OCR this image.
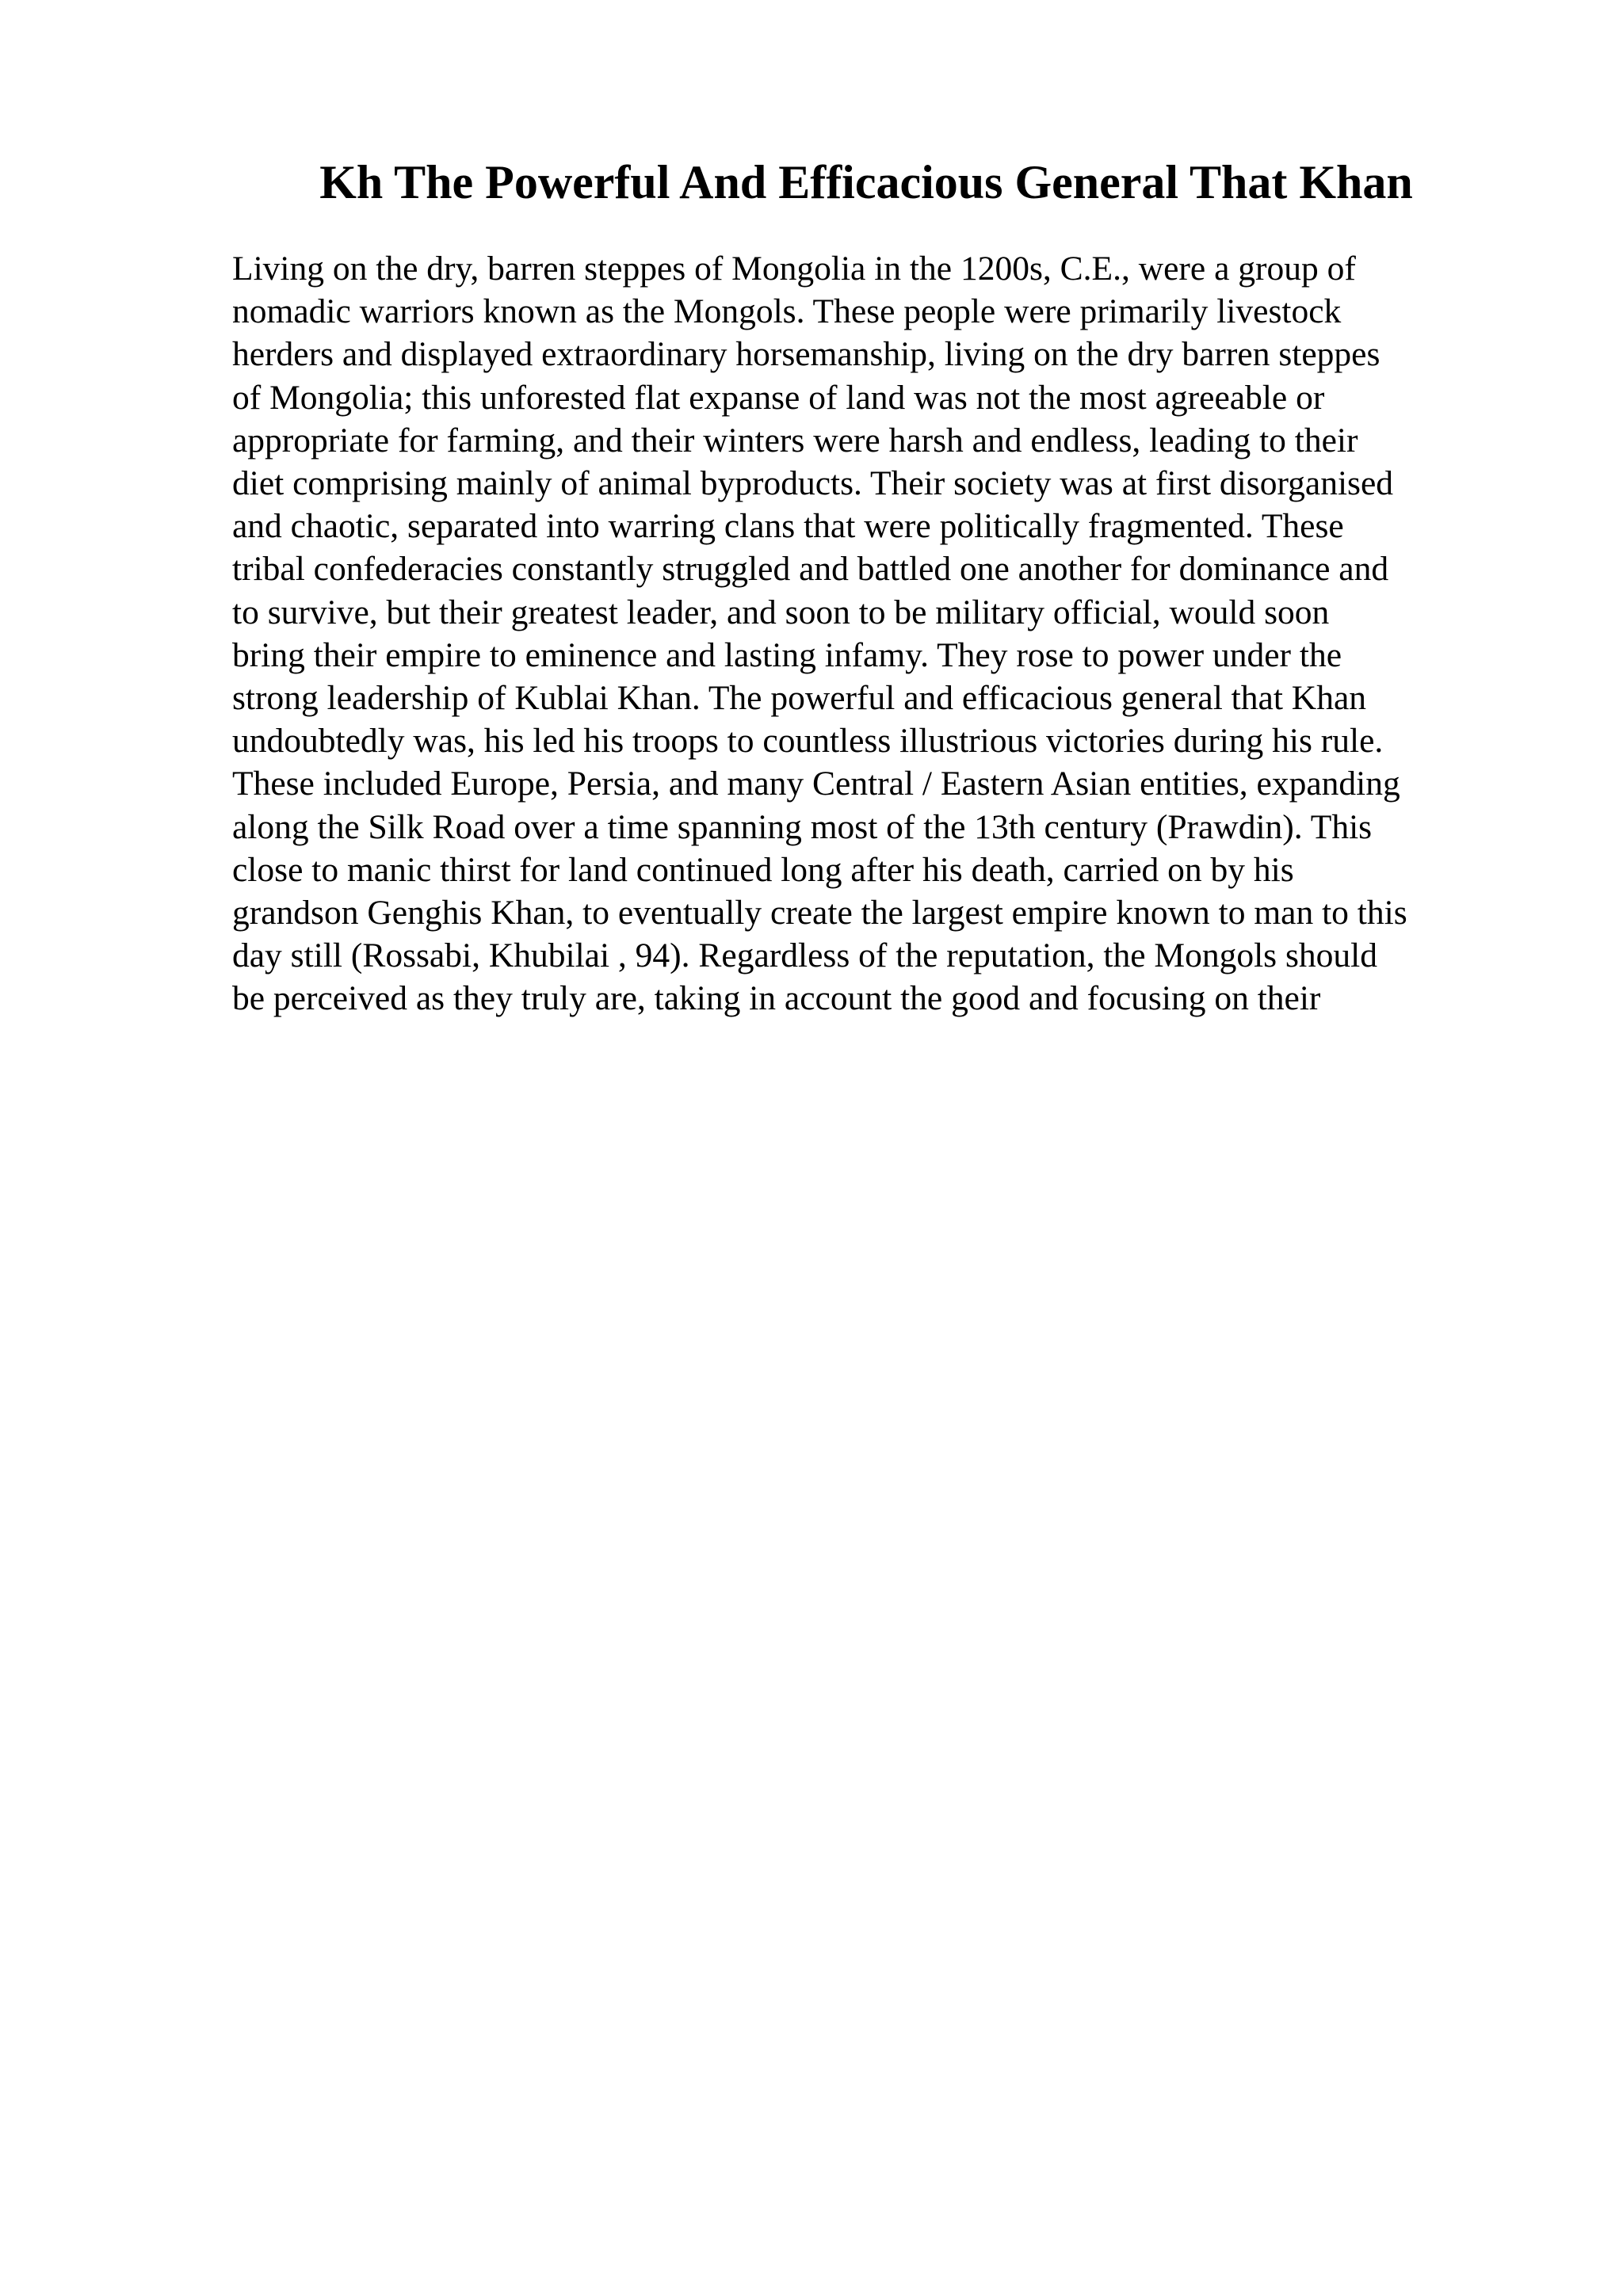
Kh The Powerful And Efficacious General That Khan
Living on the dry, barren steppes of Mongolia in the 1200s, C.E., were a group of
nomadic warriors known as the Mongols. These people were primarily livestock
herders and displayed extraordinary horsemanship, living on the dry barren steppes
of Mongolia; this unforested flat expanse of land was not the most agreeable or
appropriate for farming, and their winters were harsh and endless, leading to their
diet comprising mainly of animal byproducts. Their society was at first disorganised
and chaotic, separated into warring clans that were politically fragmented. These
tribal confederacies constantly struggled and battled one another for dominance and
to survive, but their greatest leader, and soon to be military official, would soon
bring their empire to eminence and lasting infamy. They rose to power under the
strong leadership of Kublai Khan. The powerful and efficacious general that Khan
undoubtedly was, his led his troops to countless illustrious victories during his rule.
These included Europe, Persia, and many Central / Eastern Asian entities, expanding
along the Silk Road over a time spanning most of the 13th century (Prawdin). This
close to manic thirst for land continued long after his death, carried on by his
grandson Genghis Khan, to eventually create the largest empire known to man to this
day still (Rossabi, Khubilai , 94). Regardless of the reputation, the Mongols should
be perceived as they truly are, taking in account the good and focusing on their
